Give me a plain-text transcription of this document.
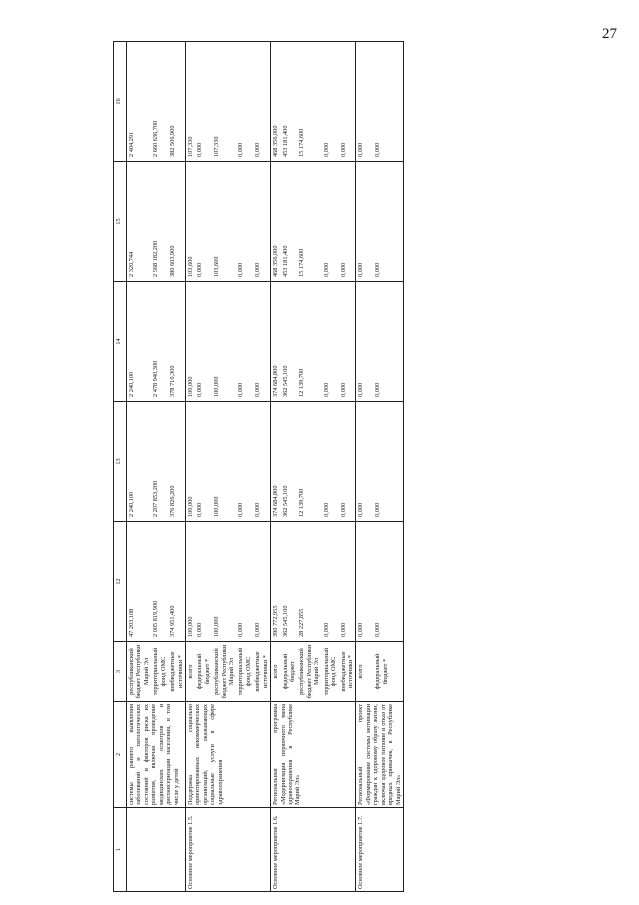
27
1	2	3	12	13	14	15	16
	системы раннего выявления заболеваний и патологических состояний и факторов риска их развития, включая проведение медицинских осмотров и диспансеризации населения, в том числе у детей	республиканский бюджет Республики Марий Эл	47 203,108	2 240,100	2 240,100	2 320,744	2 404,291
		территориальный фонд ОМС	2 005 819,900	2 207 853,200	2 478 940,300	2 568 182,200	2 660 636,700
		внебюджетные источники *	374 951,400	376 826,200	378 710,300	380 603,900	382 506,900
Основное мероприятие 1.5.	Поддержка социально ориентированных некоммерческих организаций, оказывающих социальные услуги в сфере здравоохранения	всего	100,000	100,000	100,000	103,600	107,330
		федеральный бюджет *	0,000	0,000	0,000	0,000	0,000
		республиканский бюджет Республики Марий Эл	100,000	100,000	100,000	103,600	107,330
		территориальный фонд ОМС	0,000	0,000	0,000	0,000	0,000
		внебюджетные источники *	0,000	0,000	0,000	0,000	0,000
Основное мероприятие 1.6.	Региональная программа «Модернизация первичного звена здравоохранения в Республике Марий Эл»	всего	390 772,955	374 684,800	374 684,800	468 356,000	468 356,000
		федеральный бюджет	362 545,100	362 545,100	362 545,100	453 181,400	453 181,400
		республиканский бюджет Республики Марий Эл	28 227,855	12 139,700	12 139,700	15 174,600	15 174,600
		территориальный фонд ОМС	0,000	0,000	0,000	0,000	0,000
		внебюджетные источники *	0,000	0,000	0,000	0,000	0,000
Основное мероприятие 1.7.	Региональный проект «Формирование системы мотивации граждан к здоровому образу жизни, включая здоровое питание и отказ от вредных привычек, в Республике Марий Эл»	всего	0,000	0,000	0,000	0,000	0,000
		федеральный бюджет *	0,000	0,000	0,000	0,000	0,000
